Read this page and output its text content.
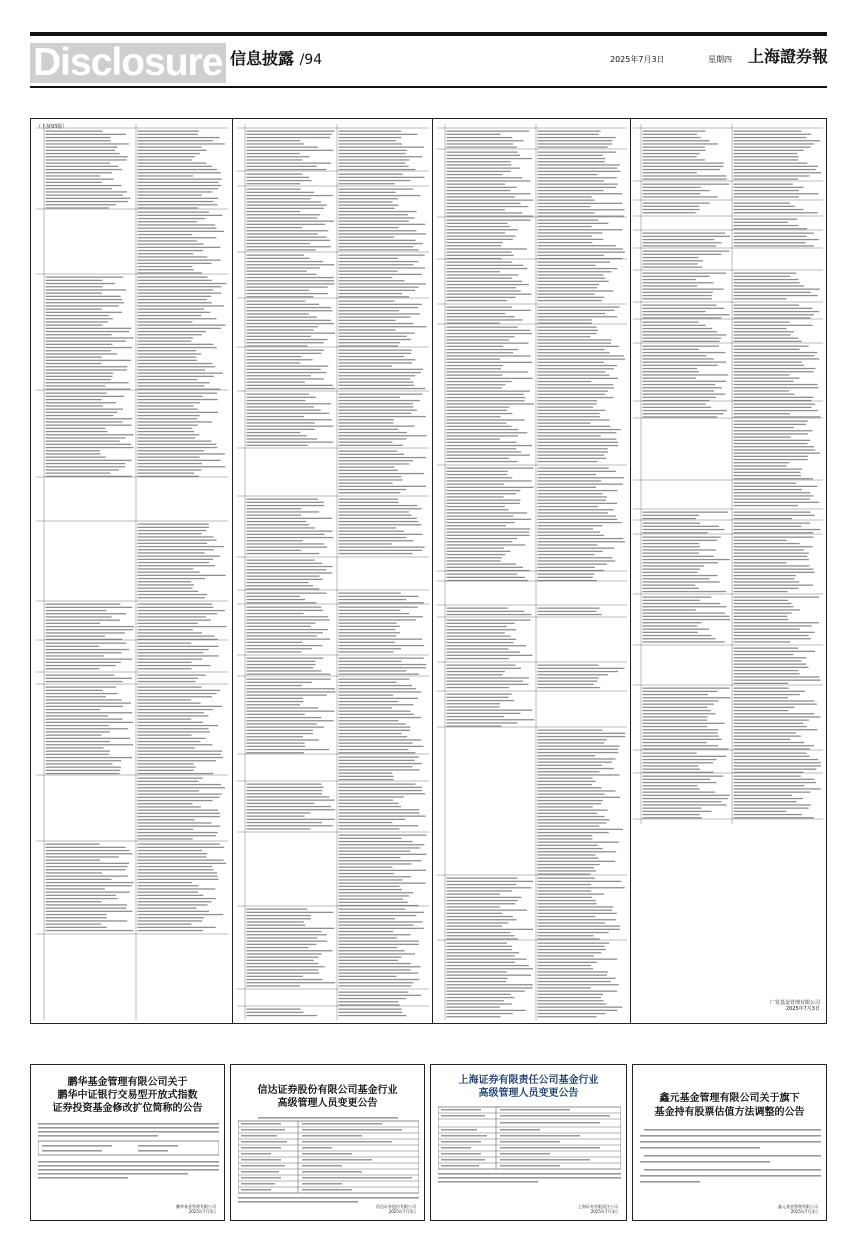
Disclosure 信息披露 /94	2025年7月3日	星期四 上海證券報
（上接93版）
广发基金管理有限公司
2025年7月3日
鹏华基金管理有限公司关于
鹏华中证银行交易型开放式指数
证券投资基金修改扩位简称的公告
鹏华基金管理有限公司
2025年7月3日
信达证券股份有限公司基金行业
高级管理人员变更公告
信达证券股份有限公司
2025年7月3日
上海证券有限责任公司基金行业
高级管理人员变更公告
上海证券有限责任公司
2025年7月3日
鑫元基金管理有限公司关于旗下
基金持有股票估值方法调整的公告
鑫元基金管理有限公司
2025年7月3日
